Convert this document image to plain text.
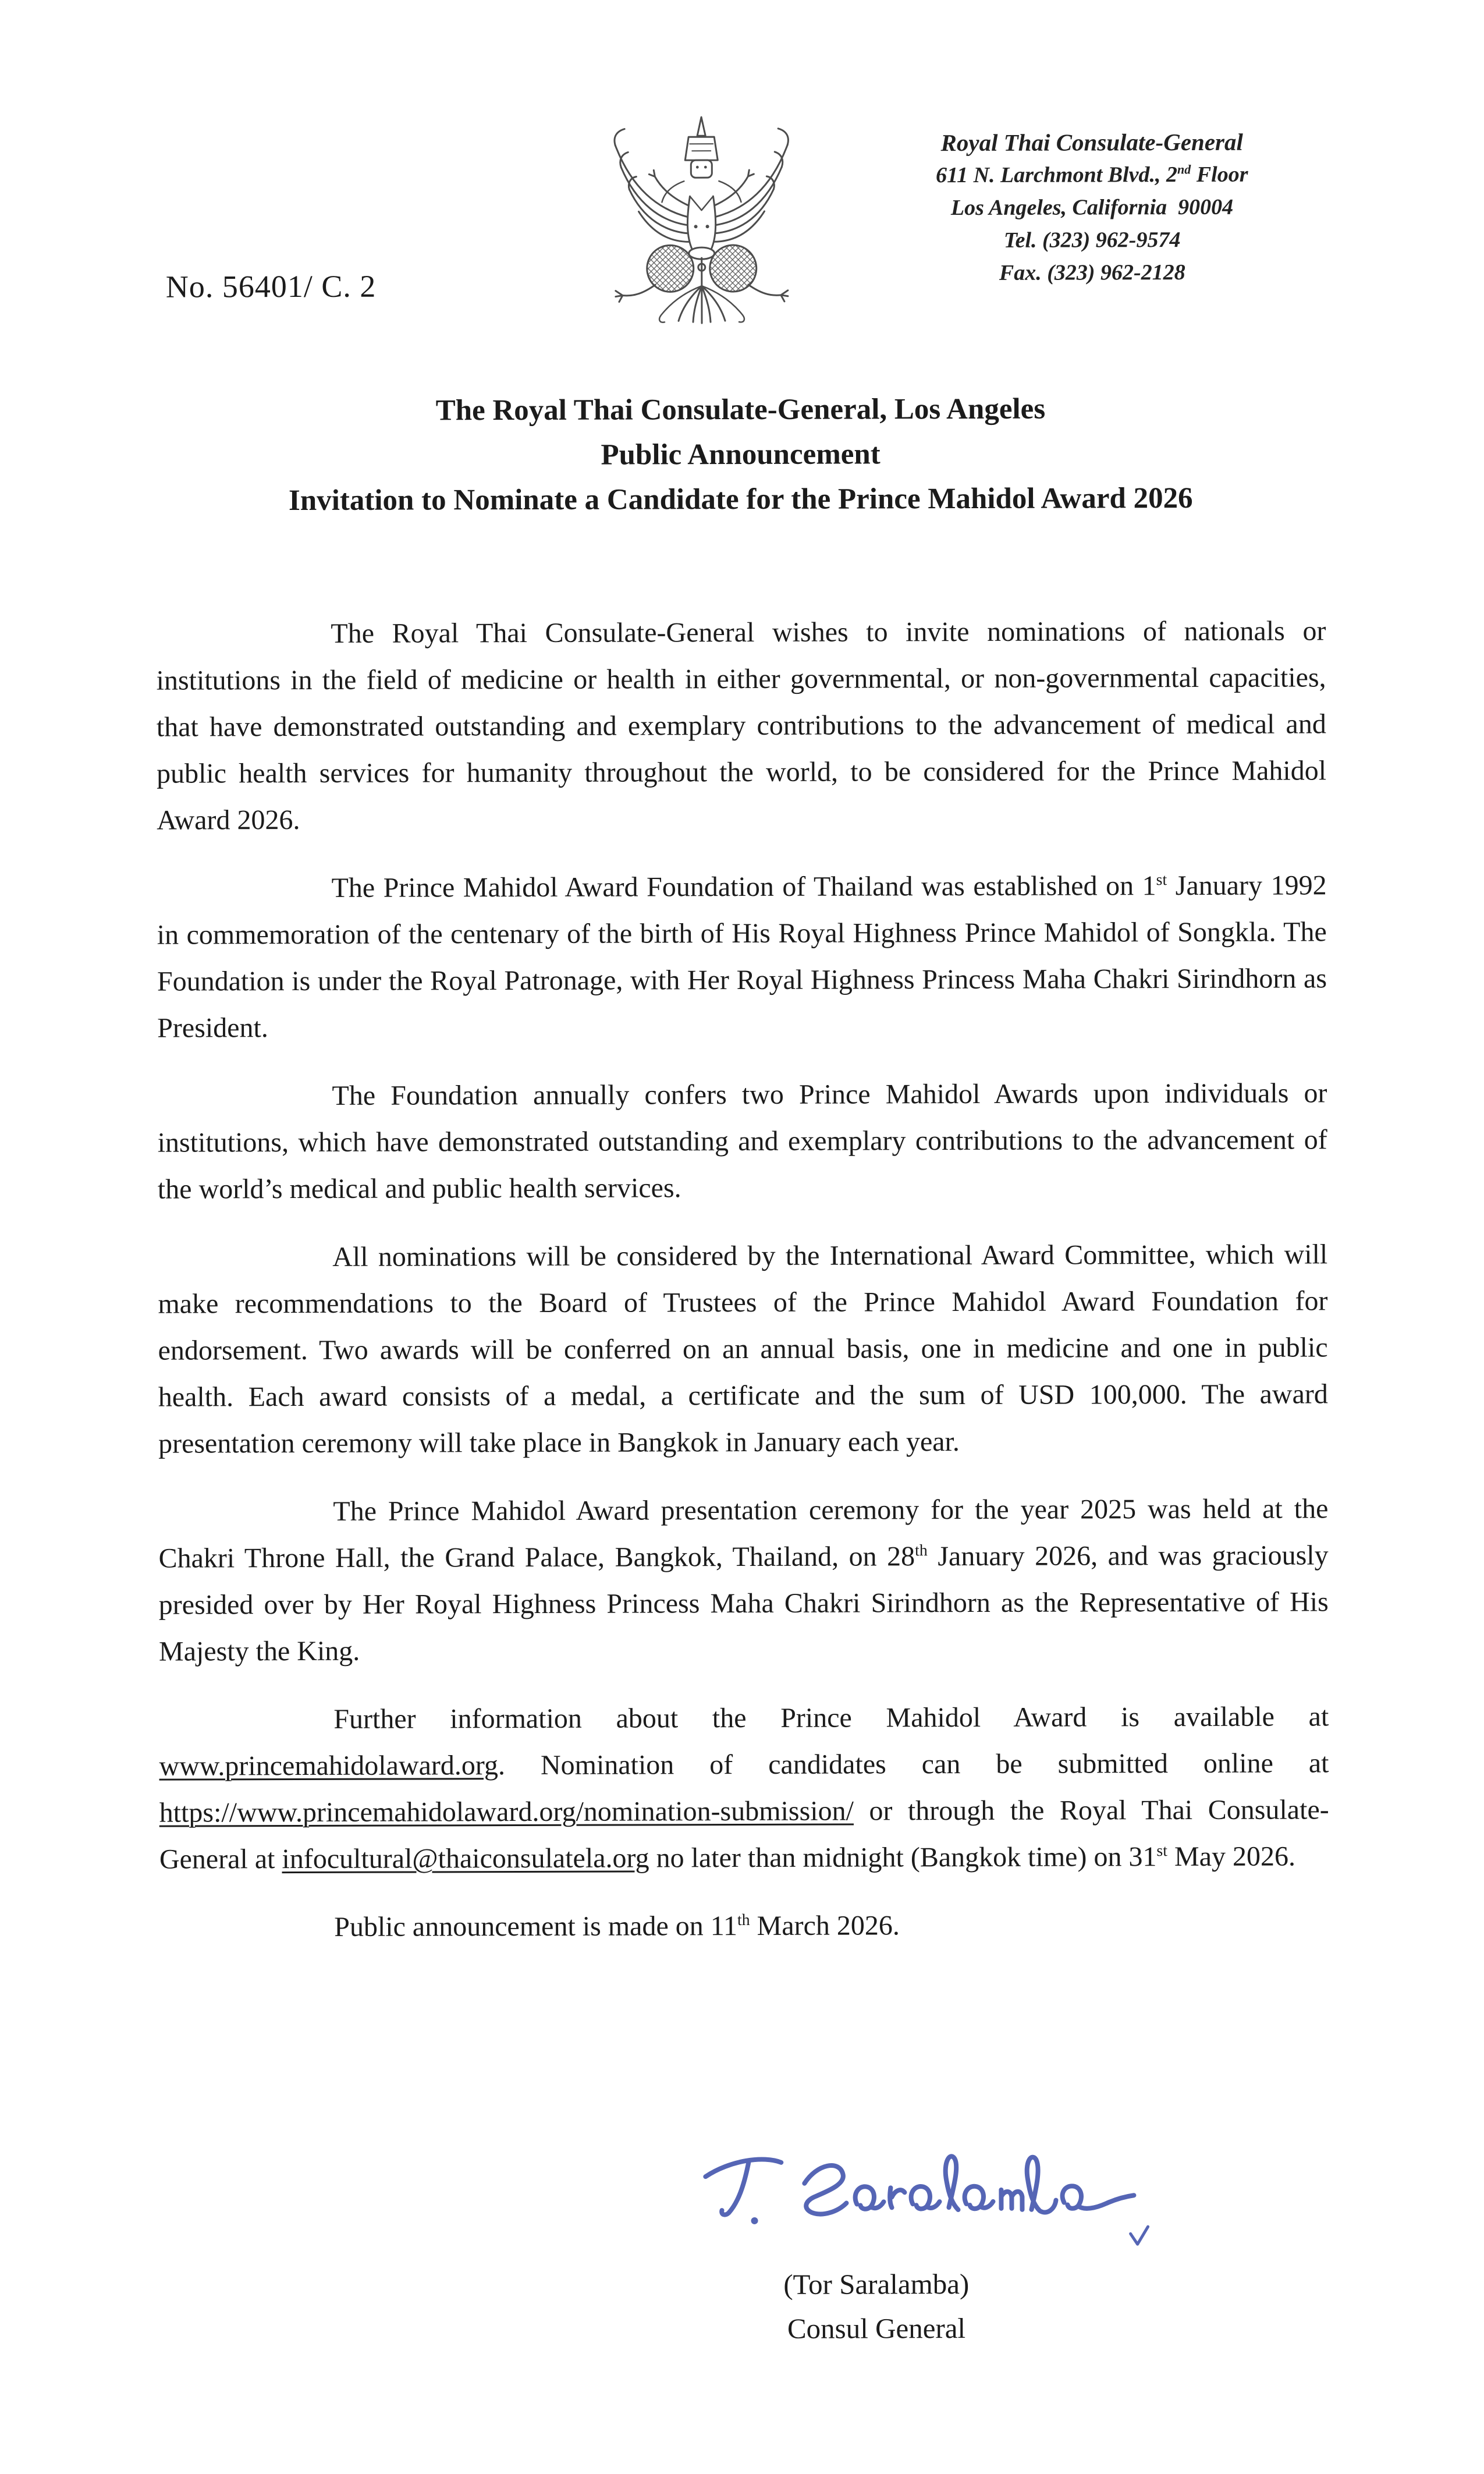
Royal Thai Consulate-General
611 N. Larchmont Blvd., 2nd Floor
Los Angeles, California  90004
Tel. (323) 962-9574
Fax. (323) 962-2128
No. 56401/ C. 2
The Royal Thai Consulate-General, Los Angeles
Public Announcement
Invitation to Nominate a Candidate for the Prince Mahidol Award 2026

The Royal Thai Consulate-General wishes to invite nominations of nationals or institutions in the field of medicine or health in either governmental, or non-governmental capacities, that have demonstrated outstanding and exemplary contributions to the advancement of medical and public health services for humanity throughout the world, to be considered for the Prince Mahidol Award 2026.

The Prince Mahidol Award Foundation of Thailand was established on 1st January 1992 in commemoration of the centenary of the birth of His Royal Highness Prince Mahidol of Songkla. The Foundation is under the Royal Patronage, with Her Royal Highness Princess Maha Chakri Sirindhorn as President.

The Foundation annually confers two Prince Mahidol Awards upon individuals or institutions, which have demonstrated outstanding and exemplary contributions to the advancement of the world’s medical and public health services.

All nominations will be considered by the International Award Committee, which will make recommendations to the Board of Trustees of the Prince Mahidol Award Foundation for endorsement. Two awards will be conferred on an annual basis, one in medicine and one in public health. Each award consists of a medal, a certificate and the sum of USD 100,000. The award presentation ceremony will take place in Bangkok in January each year.

The Prince Mahidol Award presentation ceremony for the year 2025 was held at the Chakri Throne Hall, the Grand Palace, Bangkok, Thailand, on 28th January 2026, and was graciously presided over by Her Royal Highness Princess Maha Chakri Sirindhorn as the Representative of His Majesty the King.

Further information about the Prince Mahidol Award is available at www.princemahidolaward.org. Nomination of candidates can be submitted online at https://www.princemahidolaward.org/nomination-submission/ or through the Royal Thai Consulate-General at infocultural@thaiconsulatela.org no later than midnight (Bangkok time) on 31st May 2026.

Public announcement is made on 11th March 2026.

(Tor Saralamba)
Consul General
